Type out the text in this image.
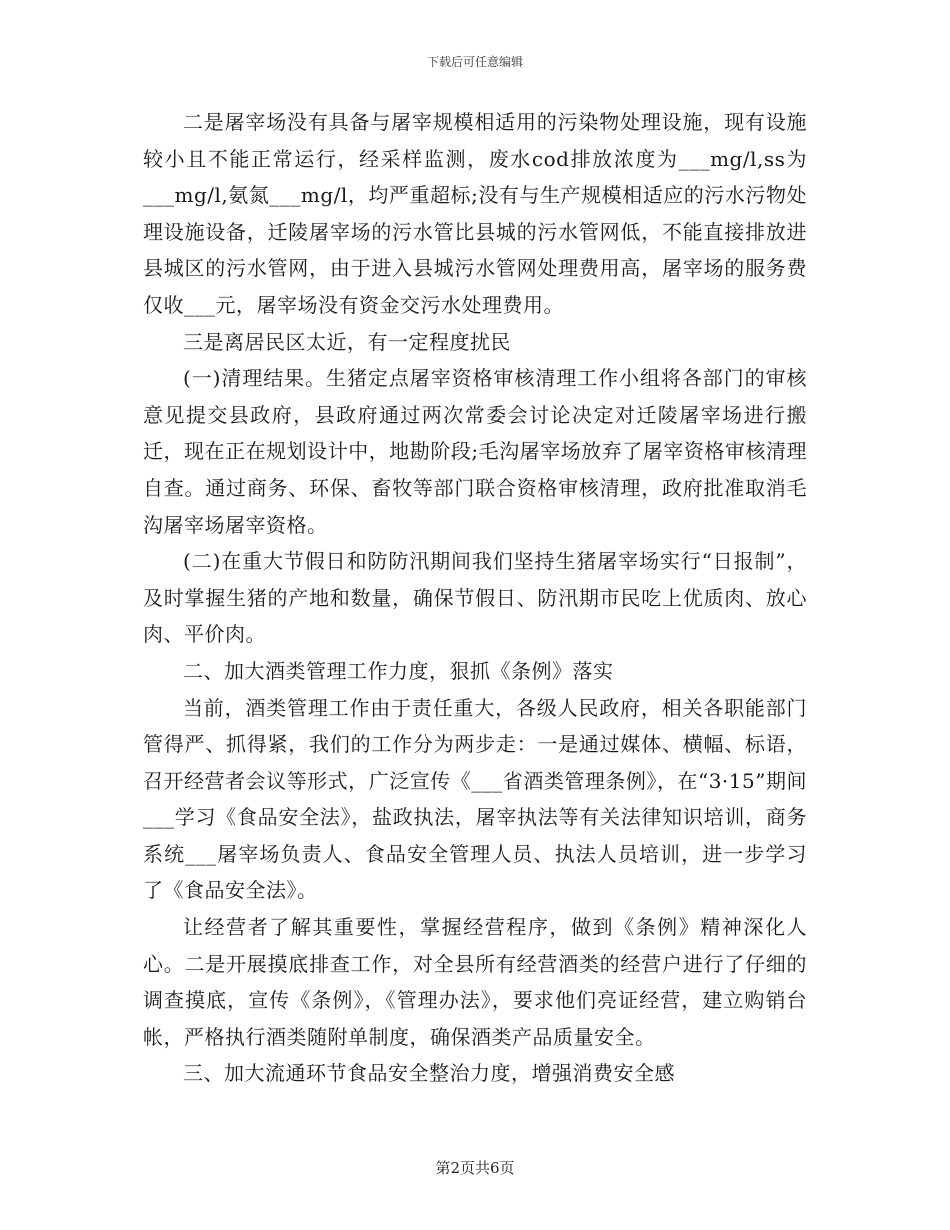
下载后可任意编辑

二是屠宰场没有具备与屠宰规模相适用的污染物处理设施，现有设施较小且不能正常运行，经采样监测，废水cod排放浓度为___mg/l,ss为___mg/l,氨氮___mg/l，均严重超标;没有与生产规模相适应的污水污物处理设施设备，迁陵屠宰场的污水管比县城的污水管网低，不能直接排放进县城区的污水管网，由于进入县城污水管网处理费用高，屠宰场的服务费仅收___元，屠宰场没有资金交污水处理费用。

三是离居民区太近，有一定程度扰民

(一)清理结果。生猪定点屠宰资格审核清理工作小组将各部门的审核意见提交县政府，县政府通过两次常委会讨论决定对迁陵屠宰场进行搬迁，现在正在规划设计中，地勘阶段;毛沟屠宰场放弃了屠宰资格审核清理自查。通过商务、环保、畜牧等部门联合资格审核清理，政府批准取消毛沟屠宰场屠宰资格。

(二)在重大节假日和防防汛期间我们坚持生猪屠宰场实行“日报制”，及时掌握生猪的产地和数量，确保节假日、防汛期市民吃上优质肉、放心肉、平价肉。

二、加大酒类管理工作力度，狠抓《条例》落实

当前，酒类管理工作由于责任重大，各级人民政府，相关各职能部门管得严、抓得紧，我们的工作分为两步走：一是通过媒体、横幅、标语，召开经营者会议等形式，广泛宣传《___省酒类管理条例》，在“3·15”期间___学习《食品安全法》，盐政执法，屠宰执法等有关法律知识培训，商务系统___屠宰场负责人、食品安全管理人员、执法人员培训，进一步学习了《食品安全法》。

让经营者了解其重要性，掌握经营程序，做到《条例》精神深化人心。二是开展摸底排查工作，对全县所有经营酒类的经营户进行了仔细的调查摸底，宣传《条例》，《管理办法》，要求他们亮证经营，建立购销台帐，严格执行酒类随附单制度，确保酒类产品质量安全。

三、加大流通环节食品安全整治力度，增强消费安全感

第2页共6页
